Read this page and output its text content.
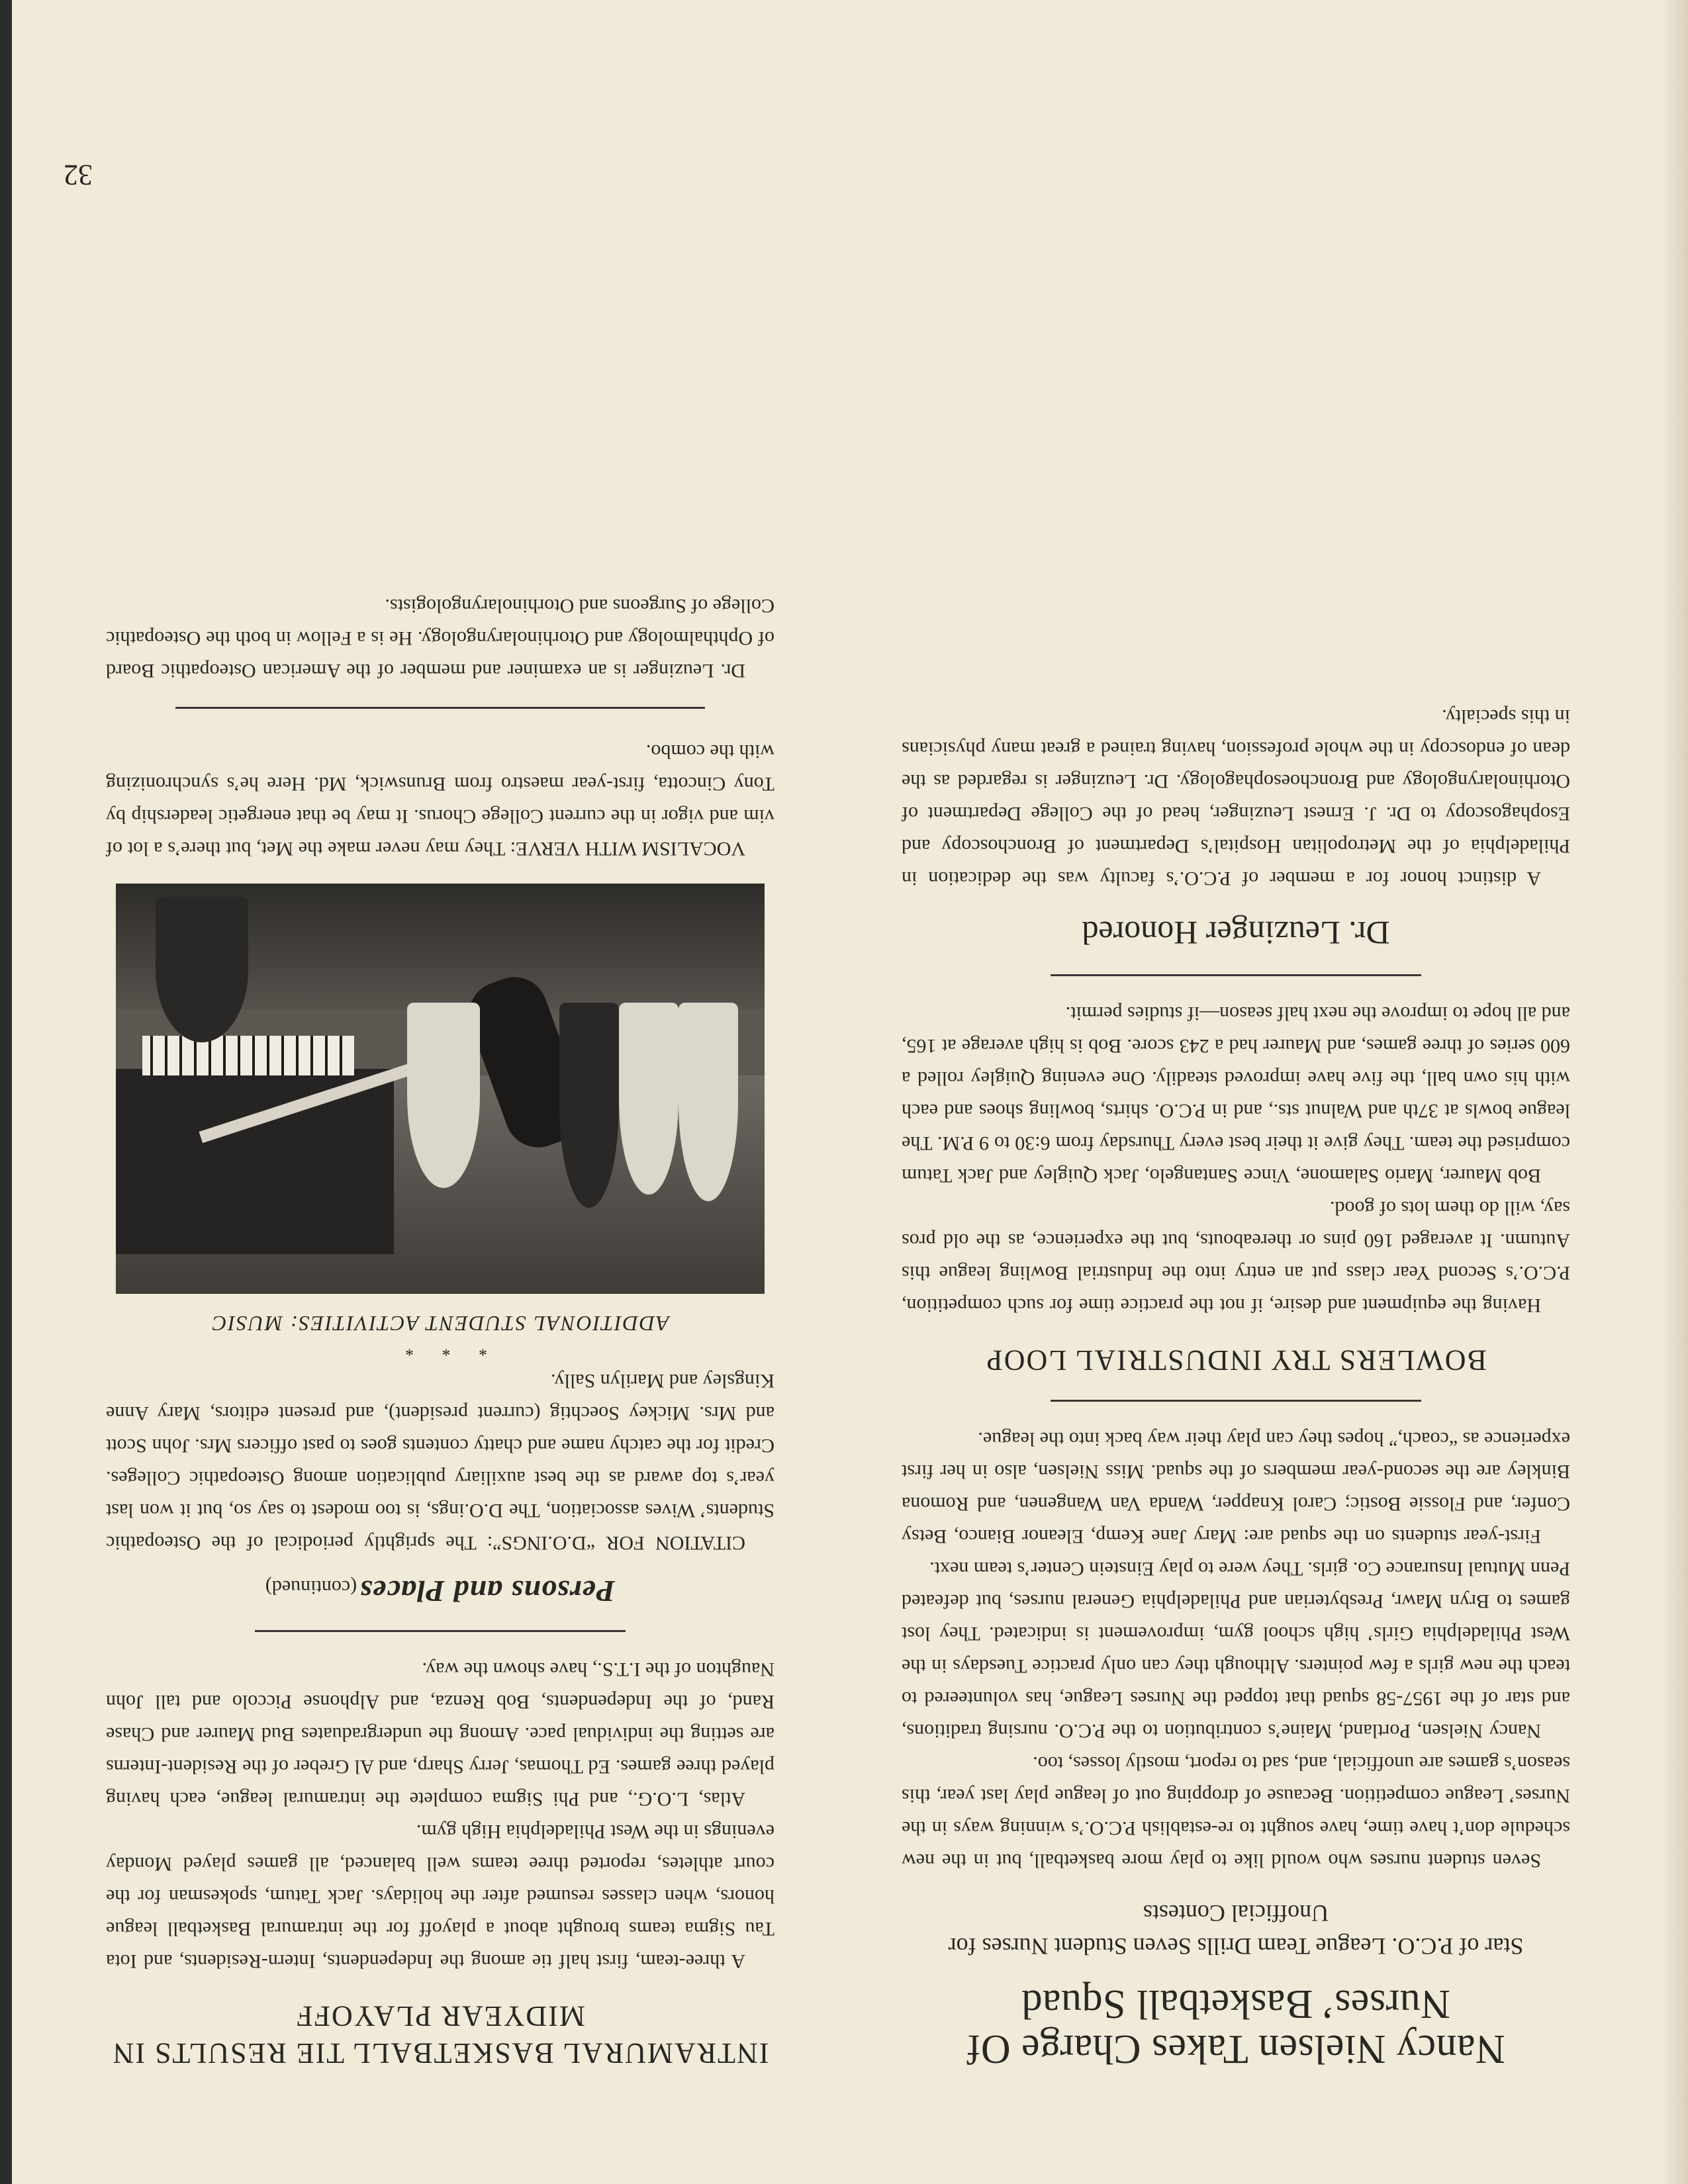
Nancy Nielsen Takes Charge Of Nurses’ Basketball Squad
Star of P.C.O. League Team Drills Seven Student Nurses for Unofficial Contests

Seven student nurses who would like to play more basketball, but in the new schedule don’t have time, have sought to re-establish P.C.O.’s winning ways in the Nurses’ League competition. Because of dropping out of league play last year, this season’s games are unofficial, and, sad to report, mostly losses, too.

Nancy Nielsen, Portland, Maine’s contribution to the P.C.O. nursing traditions, and star of the 1957-58 squad that topped the Nurses League, has volunteered to teach the new girls a few pointers. Although they can only practice Tuesdays in the West Philadelphia Girls’ high school gym, improvement is indicated. They lost games to Bryn Mawr, Presbyterian and Philadelphia General nurses, but defeated Penn Mutual Insurance Co. girls. They were to play Einstein Center’s team next.

First-year students on the squad are: Mary Jane Kemp, Eleanor Bianco, Betsy Confer, and Flossie Bostic; Carol Knapper, Wanda Van Wangenen, and Romona Binkley are the second-year members of the squad. Miss Nielsen, also in her first experience as “coach,” hopes they can play their way back into the league.

BOWLERS TRY INDUSTRIAL LOOP

Having the equipment and desire, if not the practice time for such competition, P.C.O.’s Second Year class put an entry into the Industrial Bowling league this Autumn. It averaged 160 pins or thereabouts, but the experience, as the old pros say, will do them lots of good.

Bob Maurer, Mario Salamone, Vince Santangelo, Jack Quigley and Jack Tatum comprised the team. They give it their best every Thursday from 6:30 to 9 P.M. The league bowls at 37th and Walnut sts., and in P.C.O. shirts, bowling shoes and each with his own ball, the five have improved steadily. One evening Quigley rolled a 600 series of three games, and Maurer had a 243 score. Bob is high average at 165, and all hope to improve the next half season—if studies permit.

Dr. Leuzinger Honored

A distinct honor for a member of P.C.O.’s faculty was the dedication in Philadelphia of the Metropolitan Hospital’s Department of Bronchoscopy and Esophagoscopy to Dr. J. Ernest Leuzinger, head of the College Department of Otorhinolaryngology and Bronchoesophagology. Dr. Leuzinger is regarded as the dean of endoscopy in the whole profession, having trained a great many physicians in this specialty.

INTRAMURAL BASKETBALL TIE RESULTS IN MIDYEAR PLAYOFF

A three-team, first half tie among the Independents, Intern-Residents, and Iota Tau Sigma teams brought about a playoff for the intramural Basketball league honors, when classes resumed after the holidays. Jack Tatum, spokesman for the court athletes, reported three teams well balanced, all games played Monday evenings in the West Philadelphia High gym.

Atlas, L.O.G., and Phi Sigma complete the intramural league, each having played three games. Ed Thomas, Jerry Sharp, and Al Greber of the Resident-Interns are setting the individual pace. Among the undergraduates Bud Maurer and Chase Rand, of the Independents, Bob Renza, and Alphonse Piccolo and tall John Naughton of the I.T.S., have shown the way.

Persons and Places (continued)

CITATION FOR “D.O.INGS”: The sprightly periodical of the Osteopathic Students’ Wives association, The D.O.ings, is too modest to say so, but it won last year’s top award as the best auxiliary publication among Osteopathic Colleges. Credit for the catchy name and chatty contents goes to past officers Mrs. John Scott and Mrs. Mickey Soechtig (current president), and present editors, Mary Anne Kingsley and Marilyn Sally.

* * *
ADDITIONAL STUDENT ACTIVITIES: MUSIC

VOCALISM WITH VERVE: They may never make the Met, but there’s a lot of vim and vigor in the current College Chorus. It may be that energetic leadership by Tony Cincotta, first-year maestro from Brunswick, Md. Here he’s synchronizing with the combo.

Dr. Leuzinger is an examiner and member of the American Osteopathic Board of Ophthalmology and Otorhinolaryngology. He is a Fellow in both the Osteopathic College of Surgeons and Otorhinolaryngologists.

32
